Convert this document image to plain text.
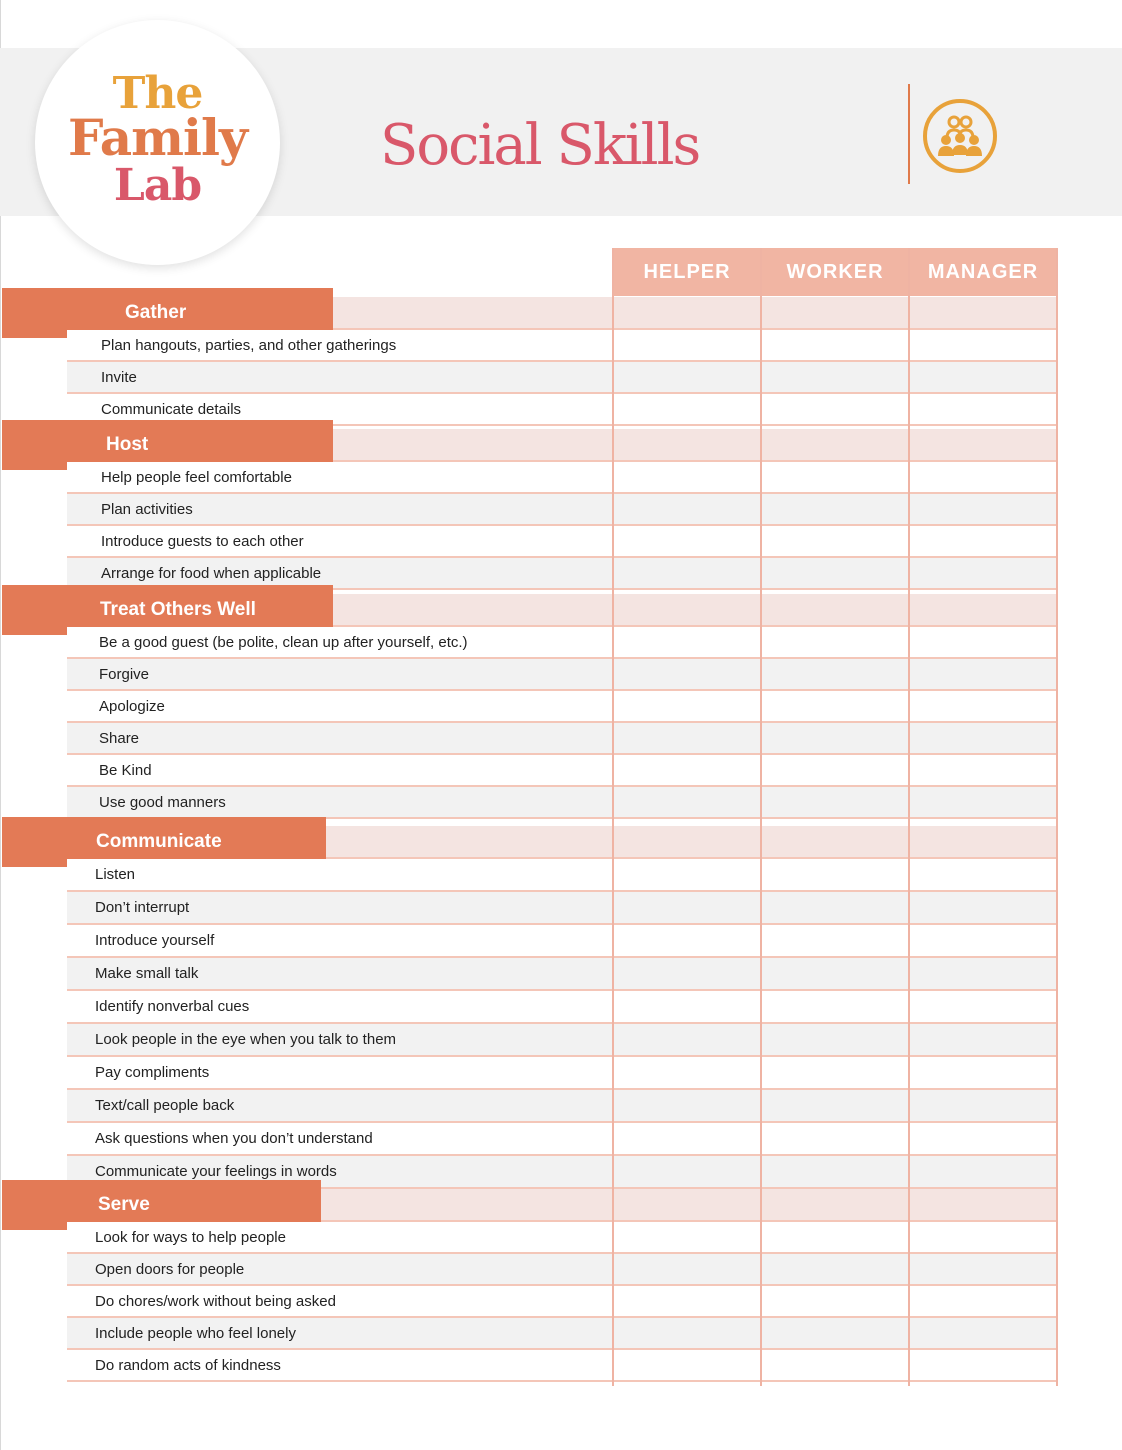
The
Family
Lab
Social Skills
HELPER	WORKER	MANAGER
Gather
Plan hangouts, parties, and other gatherings
Invite
Communicate details
Host
Help people feel comfortable
Plan activities
Introduce guests to each other
Arrange for food when applicable
Treat Others Well
Be a good guest (be polite, clean up after yourself, etc.)
Forgive
Apologize
Share
Be Kind
Use good manners
Communicate
Listen
Don’t interrupt
Introduce yourself
Make small talk
Identify nonverbal cues
Look people in the eye when you talk to them
Pay compliments
Text/call people back
Ask questions when you don’t understand
Communicate your feelings in words
Serve
Look for ways to help people
Open doors for people
Do chores/work without being asked
Include people who feel lonely
Do random acts of kindness
